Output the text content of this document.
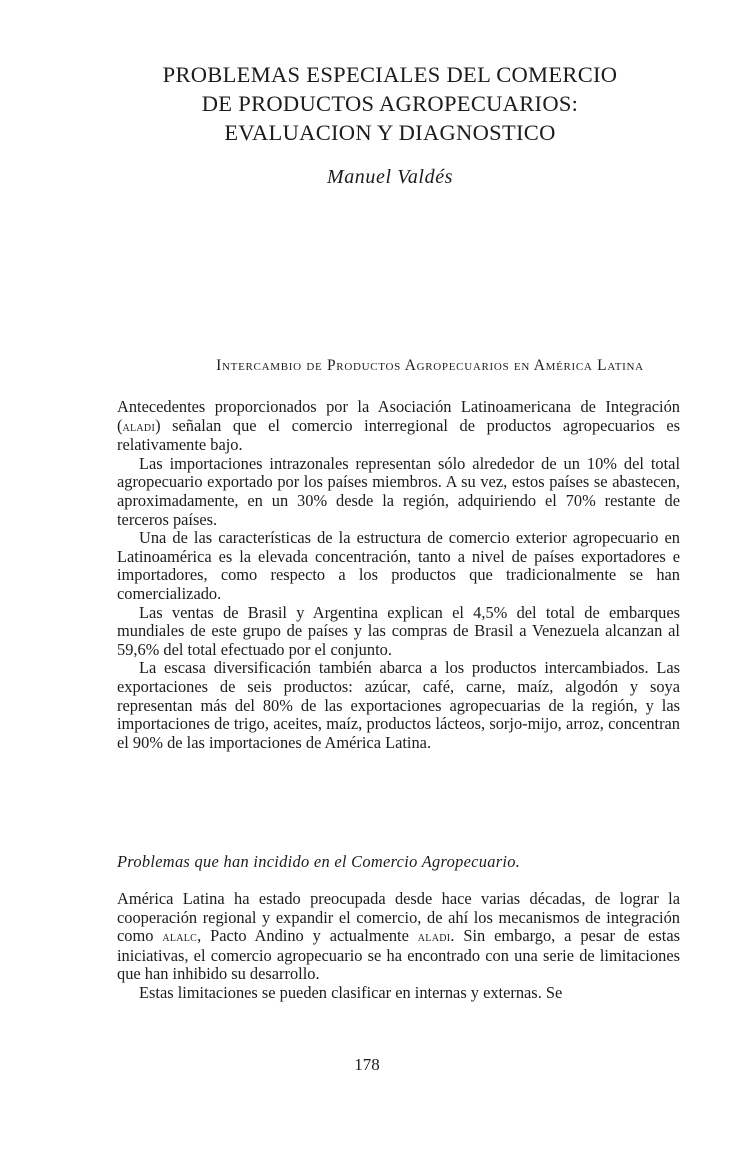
PROBLEMAS ESPECIALES DEL COMERCIO
DE PRODUCTOS AGROPECUARIOS:
EVALUACION Y DIAGNOSTICO
Manuel Valdés
Intercambio de Productos Agropecuarios en América Latina

Antecedentes proporcionados por la Asociación Latinoamericana de Integración (aladi) señalan que el comercio interregional de productos agropecuarios es relativamente bajo.

Las importaciones intrazonales representan sólo alrededor de un 10% del total agropecuario exportado por los países miembros. A su vez, estos países se abastecen, aproximadamente, en un 30% desde la región, adquiriendo el 70% restante de terceros países.

Una de las características de la estructura de comercio exterior agropecuario en Latinoamérica es la elevada concentración, tanto a nivel de países exportadores e importadores, como respecto a los productos que tradicionalmente se han comercializado.

Las ventas de Brasil y Argentina explican el 4,5% del total de embarques mundiales de este grupo de países y las compras de Brasil a Venezuela alcanzan al 59,6% del total efectuado por el conjunto.

La escasa diversificación también abarca a los productos intercambiados. Las exportaciones de seis productos: azúcar, café, carne, maíz, algodón y soya representan más del 80% de las exportaciones agropecuarias de la región, y las importaciones de trigo, aceites, maíz, productos lácteos, sorjo-mijo, arroz, concentran el 90% de las importaciones de América Latina.

Problemas que han incidido en el Comercio Agropecuario.

América Latina ha estado preocupada desde hace varias décadas, de lograr la cooperación regional y expandir el comercio, de ahí los mecanismos de integración como alalc, Pacto Andino y actualmente aladi. Sin embargo, a pesar de estas iniciativas, el comercio agropecuario se ha encontrado con una serie de limitaciones que han inhibido su desarrollo.

Estas limitaciones se pueden clasificar en internas y externas. Se

178
